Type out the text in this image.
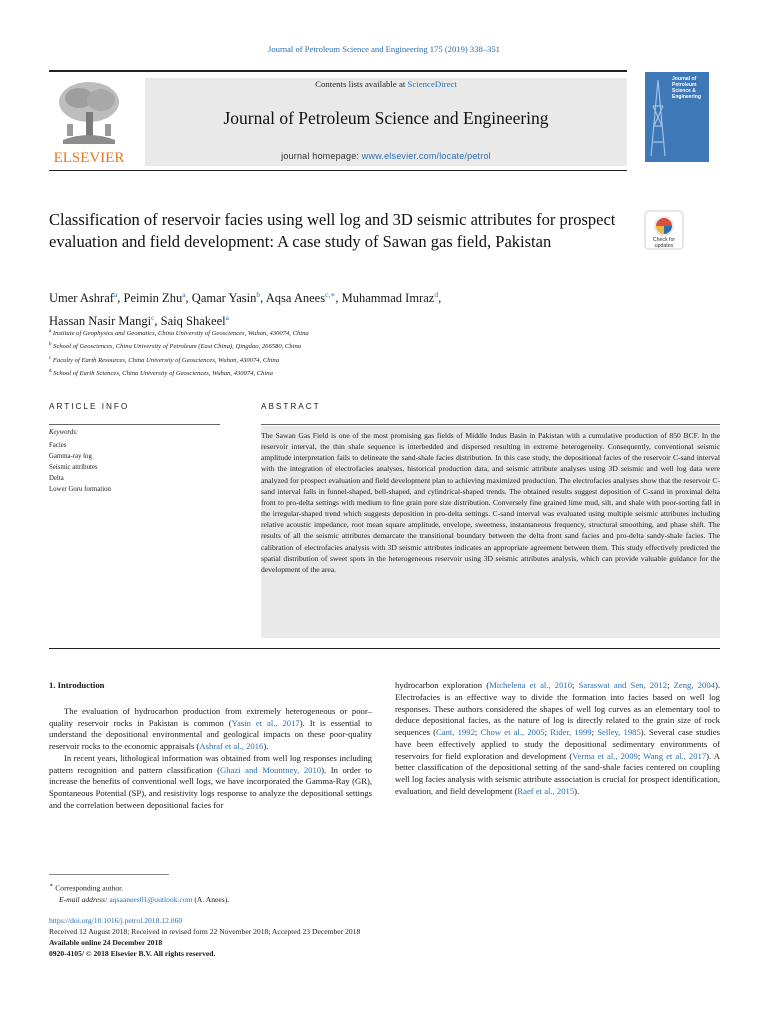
Journal of Petroleum Science and Engineering 175 (2019) 338–351
ELSEVIER
Contents lists available at ScienceDirect
Journal of Petroleum Science and Engineering
journal homepage: www.elsevier.com/locate/petrol
Journal of
Petroleum
Science &
Engineering
Classification of reservoir facies using well log and 3D seismic attributes for prospect evaluation and field development: A case study of Sawan gas field, Pakistan	Check for
updates
Umer Ashraf$^a$, Peimin Zhu$^a$, Qamar Yasin$^b$, Aqsa Anees$^{c,∗}$, Muhammad Imraz$^d$,
Hassan Nasir Mangi$^c$, Saiq Shakeel$^a$
$^a$ Institute of Geophysics and Geomatics, China University of Geosciences, Wuhan, 430074, China
$^b$ School of Geosciences, China University of Petroleum (East China), Qingdao, 266580, China
$^c$ Faculty of Earth Resources, China University of Geosciences, Wuhan, 430074, China
$^d$ School of Earth Sciences, China University of Geosciences, Wuhan, 430074, China
ARTICLE INFO	ABSTRACT
Keywords:
Facies
Gamma-ray log
Seismic attributes
Delta
Lower Goru formation
The Sawan Gas Field is one of the most promising gas fields of Middle Indus Basin in Pakistan with a cumulative production of 850 BCF. In the reservoir interval, the thin shale sequence is interbedded and dispersed resulting in extreme heterogeneity. Consequently, conventional seismic amplitude interpretation fails to delineate the sand-shale facies distribution. In this case study, the depositional facies of the reservoir C-sand interval with the integration of electrofacies analyses, historical production data, and seismic attribute analyses using 3D seismic and well log data were analyzed for prospect evaluation and field development plan to achieving maximized production. The electrofacies analyses show that the reservoir C-sand interval falls in funnel-shaped, bell-shaped, and cylindrical-shaped trends. The obtained results suggest deposition of C-sand in proximal delta front to pro-delta settings with medium to fine grain pore size distribution. Conversely fine grained lime mud, silt, and shale with poor-sorting fall in the irregular-shaped trend which suggests deposition in pro-delta settings. C-sand interval was evaluated using multiple seismic attributes including relative acoustic impedance, root mean square amplitude, envelope, sweetness, instantaneous frequency, structural smoothing, and phase shift. The results of all the seismic attributes demarcate the transitional boundary between the delta front sand facies and pro-delta sandy-shale facies. The calibration of electrofacies analysis with 3D seismic attributes indicates an appropriate agreement between them. This study effectively predicted the spatial distribution of sweet spots in the heterogeneous reservoir using 3D seismic attributes analysis, which can provide valuable guidance for the development of the area.
1. Introduction

The evaluation of hydrocarbon production from extremely heterogeneous or poor–quality reservoir rocks in Pakistan is common (Yasin et al., 2017). It is essential to understand the depositional environmental and geological impacts on these poor-quality reservoir rocks to the economic appraisals (Ashraf et al., 2016).

In recent years, lithological information was obtained from well log responses including pattern recognition and pattern classification (Ghazi and Mountney, 2010). In order to increase the benefits of conventional well logs, we have incorporated the Gamma-Ray (GR), Spontaneous Potential (SP), and resistivity logs response to analyze the depositional settings and the correlation between depositional facies for

hydrocarbon exploration (Michelena et al., 2010; Saraswat and Sen, 2012; Zeng, 2004). Electrofacies is an effective way to divide the formation into facies based on well log responses. These authors considered the shapes of well log curves as an elementary tool to deduce depositional facies, as the nature of log is directly related to the grain size of rock sequences (Cant, 1992; Chow et al., 2005; Rider, 1999; Selley, 1985). Several case studies have been effectively applied to study the depositional sedimentary environments of reservoirs for field exploration and development (Verma et al., 2009; Wang et al., 2017). A better classification of the depositional setting of the sand-shale facies centered on coupling well log facies analysis with seismic attribute association is crucial for prospect identification, evaluation, and field development (Raef et al., 2015).

∗ Corresponding author.
E-mail address: aqsaanees01@outlook.com (A. Anees).
https://doi.org/10.1016/j.petrol.2018.12.060
Received 12 August 2018; Received in revised form 22 November 2018; Accepted 23 December 2018
Available online 24 December 2018
0920-4105/ © 2018 Elsevier B.V. All rights reserved.
